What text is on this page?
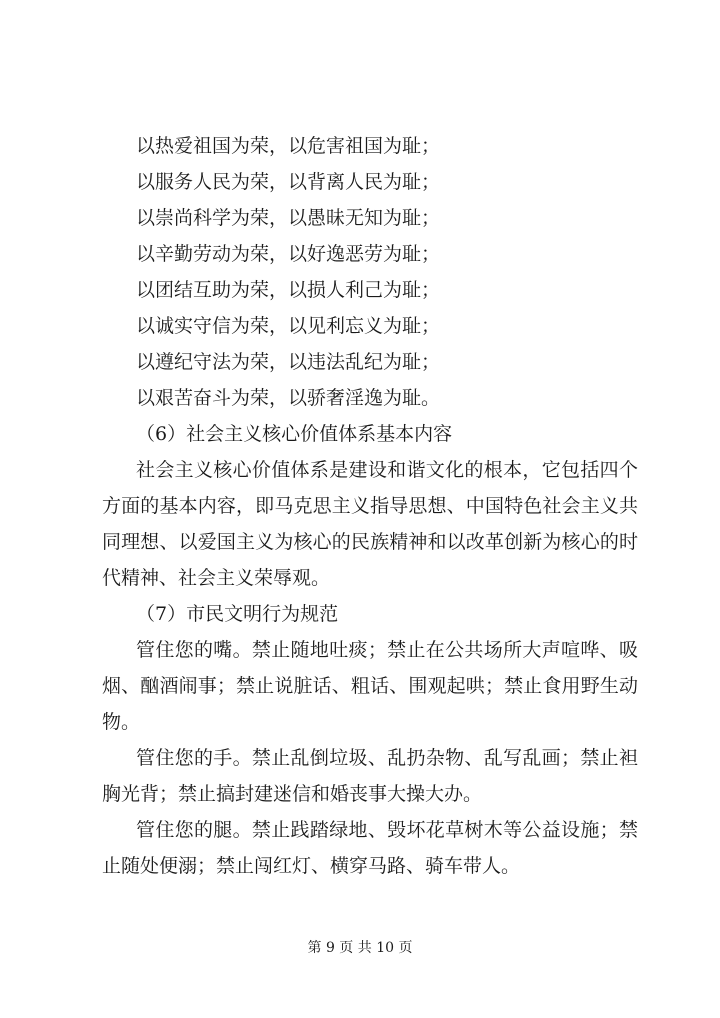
以热爱祖国为荣，以危害祖国为耻；
以服务人民为荣，以背离人民为耻；
以崇尚科学为荣，以愚昧无知为耻；
以辛勤劳动为荣，以好逸恶劳为耻；
以团结互助为荣，以损人利己为耻；
以诚实守信为荣，以见利忘义为耻；
以遵纪守法为荣，以违法乱纪为耻；
以艰苦奋斗为荣，以骄奢淫逸为耻。
（6）社会主义核心价值体系基本内容

社会主义核心价值体系是建设和谐文化的根本，它包括四个方面的基本内容，即马克思主义指导思想、中国特色社会主义共同理想、以爱国主义为核心的民族精神和以改革创新为核心的时代精神、社会主义荣辱观。

（7）市民文明行为规范

管住您的嘴。禁止随地吐痰；禁止在公共场所大声喧哗、吸烟、酗酒闹事；禁止说脏话、粗话、围观起哄；禁止食用野生动物。

管住您的手。禁止乱倒垃圾、乱扔杂物、乱写乱画；禁止袒胸光背；禁止搞封建迷信和婚丧事大操大办。

管住您的腿。禁止践踏绿地、毁坏花草树木等公益设施；禁止随处便溺；禁止闯红灯、横穿马路、骑车带人。

第 9 页 共 10 页
